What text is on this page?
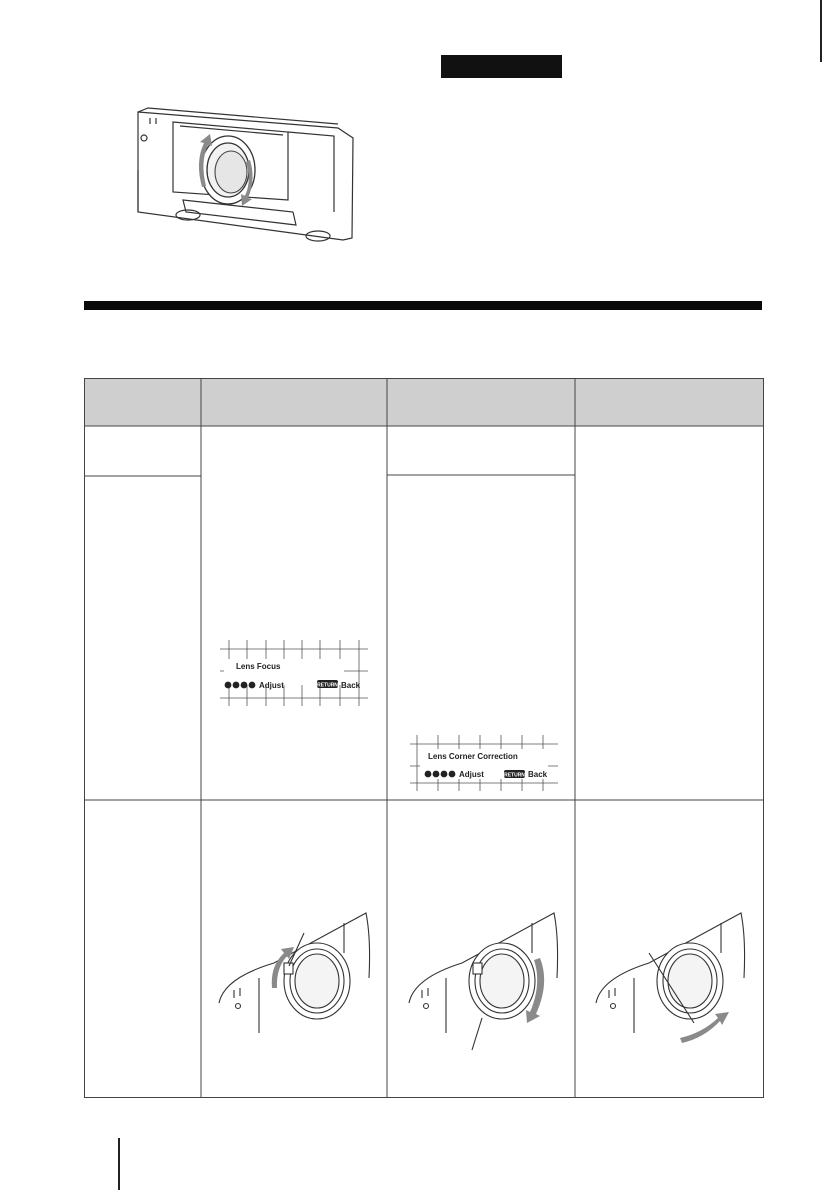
Lens Focus
Adjust	RETURN Back
Lens Corner Correction
Adjust	RETURN Back
